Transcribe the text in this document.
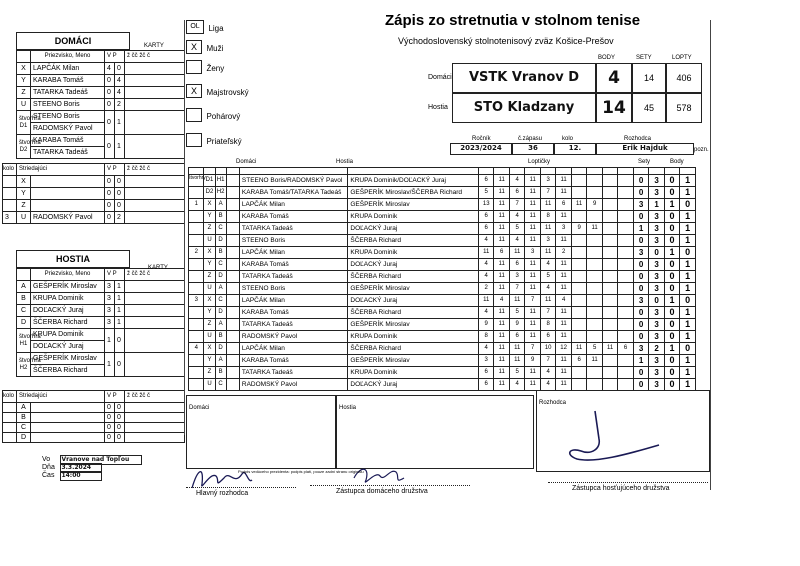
Zápis zo stretnutia v stolnom tenise
Východoslovenský stolnotenisový zväz Košice-Prešov
OL Liga
X Muži
Ženy
X Majstrovský
Pohárový
Priateľský
BODY	SETY	LOPTY
Domáci	VSTK Vranov D	4	14	406
Hostia	STO Kladzany	14	45	578
Ročník	č.zápasu	kolo	Rozhodca
2023/2024	36	12.	Erik Hajduk	pozn.
DOMÁCI	KARTY
	Priezvisko, Meno	V P		ž čč žč č
X	LAPČÁK Milan	4	0	
Y	KARABA Tomáš	0	4	
Z	TATARKA Tadeáš	0	4	
U	STEENO Boris	0	2	
štvorhra D1	STEENO Boris	0	1	
	RADOMSKÝ Pavol			
štvorhra D2	KARABA Tomáš	0	1	
	TATARKA Tadeáš			
kolo	Striedajúci		V P		ž čč žč č
	X		0	0	
	Y		0	0	
	Z		0	0	
3	U	RADOMSKÝ Pavol	0	2	
HOSTIA
KARTY
	Priezvisko, Meno	V P		ž čč žč č
A	GEŠPERÍK Miroslav	3	1	
B	KRUPA Dominik	3	1	
C	DOĽACKÝ Juraj	3	1	
D	ŠČERBA Richard	3	1	
štvorhra H1	KRUPA Dominik	1	0	
	DOĽACKÝ Juraj			
štvorhra H2	GEŠPERÍK Miroslav	1	0	
	ŠČERBA Richard			
kolo	Striedajúci		V P		ž čč žč č
	A		0	0	
	B		0	0	
	C		0	0	
	D		0	0	
Domáci	Hostia	Loptičky	Sety	Body
štvorhry

	D1	H1		STEENO Boris/RADOMSKÝ Pavol	KRUPA Dominik/DOĽACKÝ Juraj	6	11	4	11	3	11					0	3	0	1
	D2	H2		KARABA Tomáš/TATARKA Tadeáš	GEŠPERÍK Miroslav/ŠČERBA Richard	5	11	6	11	7	11					0	3	0	1
1	X	A		LAPČÁK Milan	GEŠPERÍK Miroslav	13	11	7	11	11	6	11	9			3	1	1	0
	Y	B		KARABA Tomáš	KRUPA Dominik	6	11	4	11	8	11					0	3	0	1
	Z	C		TATARKA Tadeáš	DOĽACKÝ Juraj	6	11	5	11	11	3	9	11			1	3	0	1
	U	D		STEENO Boris	ŠČERBA Richard	4	11	4	11	3	11					0	3	0	1
2	X	B		LAPČÁK Milan	KRUPA Dominik	11	6	11	3	11	2					3	0	1	0
	Y	C		KARABA Tomáš	DOĽACKÝ Juraj	4	11	6	11	4	11					0	3	0	1
	Z	D		TATARKA Tadeáš	ŠČERBA Richard	4	11	3	11	5	11					0	3	0	1
	U	A		STEENO Boris	GEŠPERÍK Miroslav	2	11	7	11	4	11					0	3	0	1
3	X	C		LAPČÁK Milan	DOĽACKÝ Juraj	11	4	11	7	11	4					3	0	1	0
	Y	D		KARABA Tomáš	ŠČERBA Richard	4	11	5	11	7	11					0	3	0	1
	Z	A		TATARKA Tadeáš	GEŠPERÍK Miroslav	9	11	9	11	8	11					0	3	0	1
	U	B		RADOMSKÝ Pavol	KRUPA Dominik	8	11	6	11	6	11					0	3	0	1
4	X	D		LAPČÁK Milan	ŠČERBA Richard	4	11	11	7	10	12	11	5	11	6	3	2	1	0
	Y	A		KARABA Tomáš	GEŠPERÍK Miroslav	3	11	11	9	7	11	6	11			1	3	0	1
	Z	B		TATARKA Tadeáš	KRUPA Dominik	6	11	5	11	4	11					0	3	0	1
	U	C		RADOMSKÝ Pavol	DOĽACKÝ Juraj	6	11	4	11	4	11					0	3	0	1
Domáci	Hostia
Rozhodca
Vo Vranove nad Topľou
Dňa 3.3.2024
Čas 14:00
Podpis vedúceho prezidenta: podpis platí, pouze zadní stranu originálu
Hlavný rozhodca	Zástupca domáceho družstva	Zástupca hosťujúceho družstva
